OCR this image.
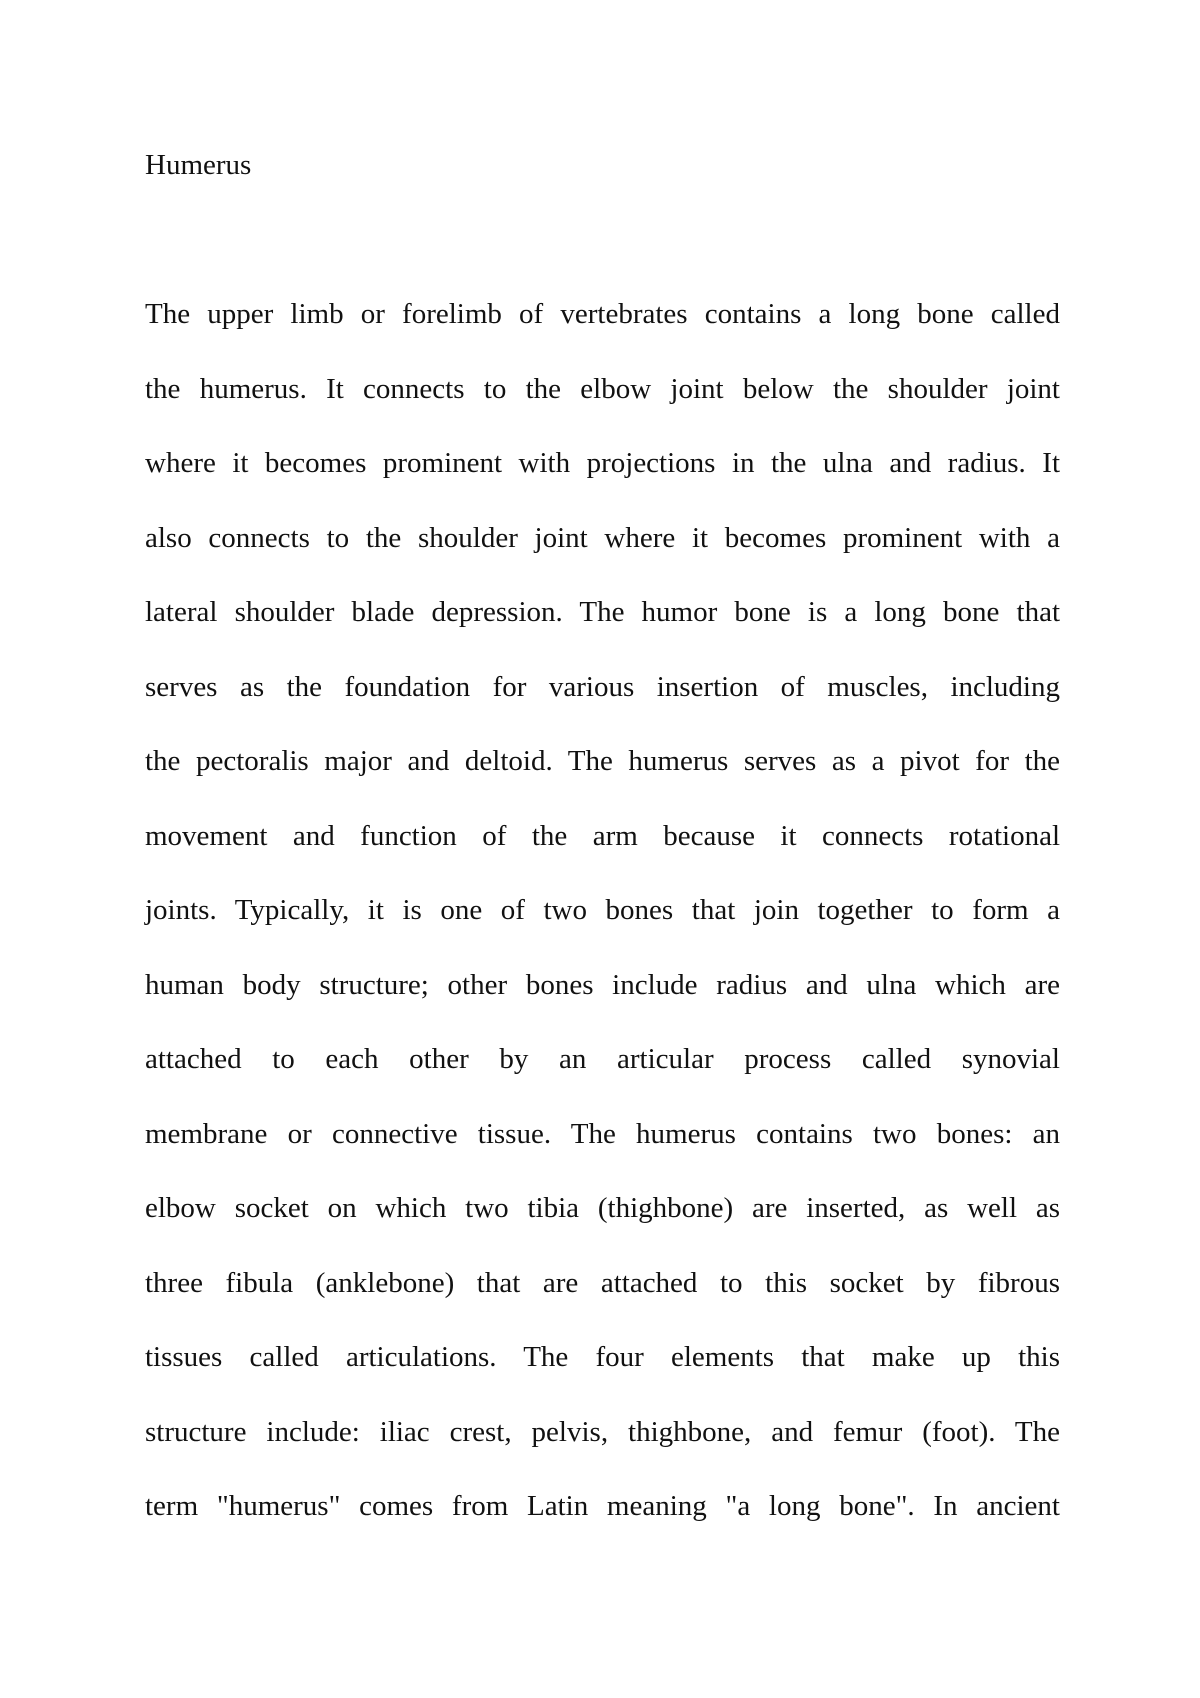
Humerus
The upper limb or forelimb of vertebrates contains a long bone called
the humerus. It connects to the elbow joint below the shoulder joint
where it becomes prominent with projections in the ulna and radius. It
also connects to the shoulder joint where it becomes prominent with a
lateral shoulder blade depression. The humor bone is a long bone that
serves as the foundation for various insertion of muscles, including
the pectoralis major and deltoid. The humerus serves as a pivot for the
movement and function of the arm because it connects rotational
joints. Typically, it is one of two bones that join together to form a
human body structure; other bones include radius and ulna which are
attached to each other by an articular process called synovial
membrane or connective tissue. The humerus contains two bones: an
elbow socket on which two tibia (thighbone) are inserted, as well as
three fibula (anklebone) that are attached to this socket by fibrous
tissues called articulations. The four elements that make up this
structure include: iliac crest, pelvis, thighbone, and femur (foot). The
term "humerus" comes from Latin meaning "a long bone". In ancient
